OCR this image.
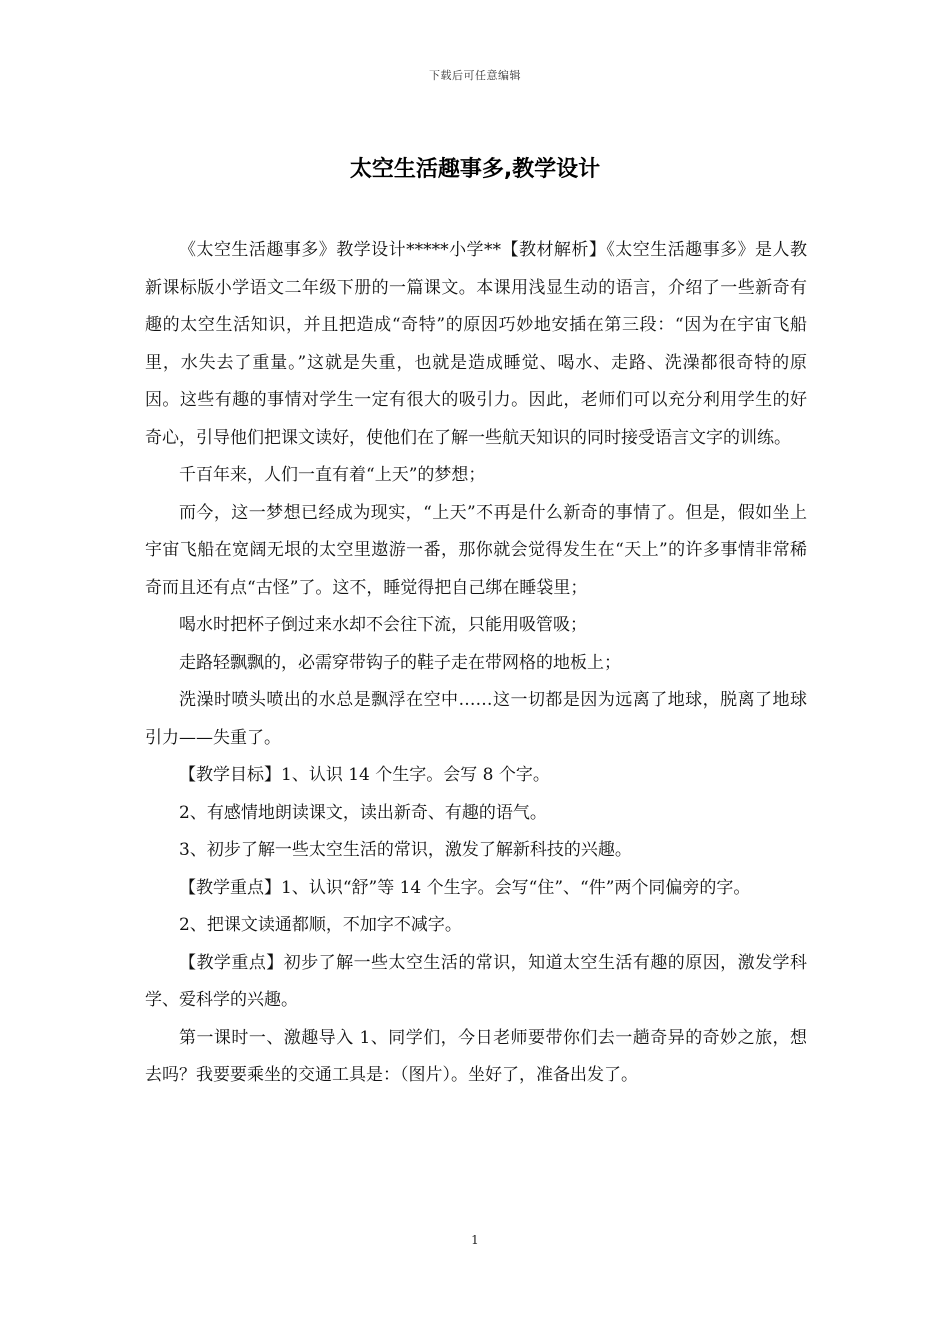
下载后可任意编辑
太空生活趣事多,教学设计

《太空生活趣事多》教学设计*****小学**【教材解析】《太空生活趣事多》是人教新课标版小学语文二年级下册的一篇课文。本课用浅显生动的语言，介绍了一些新奇有趣的太空生活知识，并且把造成“奇特”的原因巧妙地安插在第三段：“因为在宇宙飞船里，水失去了重量。”这就是失重，也就是造成睡觉、喝水、走路、洗澡都很奇特的原因。这些有趣的事情对学生一定有很大的吸引力。因此，老师们可以充分利用学生的好奇心，引导他们把课文读好，使他们在了解一些航天知识的同时接受语言文字的训练。

千百年来，人们一直有着“上天”的梦想；

而今，这一梦想已经成为现实，“上天”不再是什么新奇的事情了。但是，假如坐上宇宙飞船在宽阔无垠的太空里遨游一番，那你就会觉得发生在“天上”的许多事情非常稀奇而且还有点“古怪”了。这不，睡觉得把自己绑在睡袋里；

喝水时把杯子倒过来水却不会往下流，只能用吸管吸；

走路轻飘飘的，必需穿带钩子的鞋子走在带网格的地板上；

洗澡时喷头喷出的水总是飘浮在空中……这一切都是因为远离了地球，脱离了地球引力——失重了。

【教学目标】1、认识 14 个生字。会写 8 个字。

2、有感情地朗读课文，读出新奇、有趣的语气。

3、初步了解一些太空生活的常识，激发了解新科技的兴趣。

【教学重点】1、认识“舒”等 14 个生字。会写“住”、“件”两个同偏旁的字。

2、把课文读通都顺，不加字不减字。

【教学重点】初步了解一些太空生活的常识，知道太空生活有趣的原因，激发学科学、爱科学的兴趣。

第一课时一、激趣导入 1、同学们，今日老师要带你们去一趟奇异的奇妙之旅，想去吗？我要要乘坐的交通工具是：（图片）。坐好了，准备出发了。

1
